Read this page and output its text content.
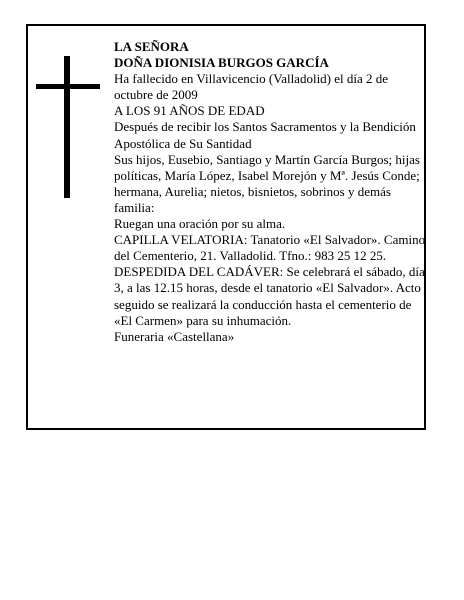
LA SEÑORA

DOÑA DIONISIA BURGOS GARCÍA

Ha fallecido en Villavicencio (Valladolid) el día 2 de octubre de 2009

A LOS 91 AÑOS DE EDAD

Después de recibir los Santos Sacramentos y la Bendición Apostólica de Su Santidad

Sus hijos, Eusebio, Santiago y Martín García Burgos; hijas políticas, María López, Isabel Morejón y Mª. Jesús Conde; hermana, Aurelia; nietos, bisnietos, sobrinos y demás familia:

Ruegan una oración por su alma.

CAPILLA VELATORIA: Tanatorio «El Salvador». Camino del Cementerio, 21. Valladolid. Tfno.: 983 25 12 25.

DESPEDIDA DEL CADÁVER: Se celebrará el sábado, día 3, a las 12.15 horas, desde el tanatorio «El Salvador». Acto seguido se realizará la conducción hasta el cementerio de «El Carmen» para su inhumación.

Funeraria «Castellana»
